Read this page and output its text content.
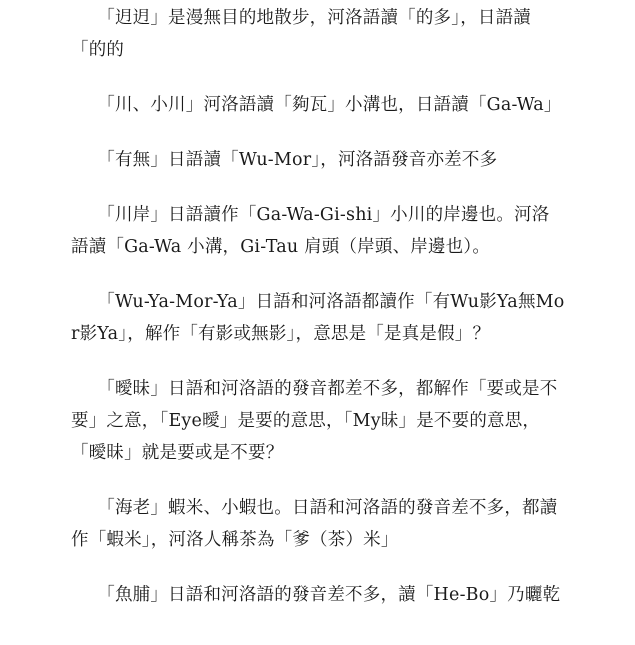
「迌迌」是漫無目的地散步，河洛語讀「的多」，日語讀「的的

「川、小川」河洛語讀「夠瓦」小溝也，日語讀「Ga-Wa」

「有無」日語讀「Wu-Mor」，河洛語發音亦差不多

「川岸」日語讀作「Ga-Wa-Gi-shi」小川的岸邊也。河洛語讀「Ga-Wa 小溝，Gi-Tau 肩頭（岸頭、岸邊也）。

「Wu-Ya-Mor-Ya」日語和河洛語都讀作「有Wu影Ya無Mor影Ya」，解作「有影或無影」，意思是「是真是假」？

「曖昧」日語和河洛語的發音都差不多，都解作「要或是不要」之意，「Eye曖」是要的意思，「My昧」是不要的意思，「曖昧」就是要或是不要？

「海老」蝦米、小蝦也。日語和河洛語的發音差不多，都讀作「蝦米」，河洛人稱茶為「爹（茶）米」

「魚脯」日語和河洛語的發音差不多，讀「He-Bo」乃曬乾
